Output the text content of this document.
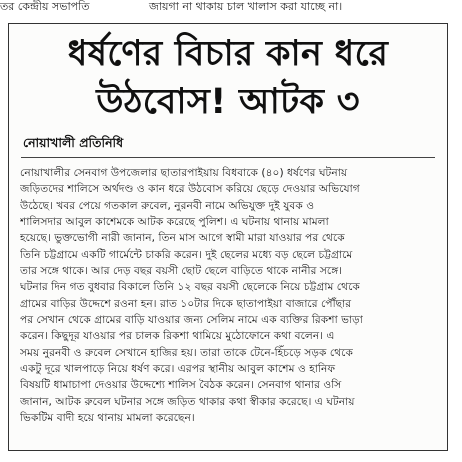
তর কেন্দ্রীয় সভাপতি	জায়গা না থাকায় চাল খালাস করা যাচ্ছে না।
ধর্ষণের বিচার কান ধরে
উঠবোস! আটক ৩
নোয়াখালী প্রতিনিধি
নোয়াখালীর সেনবাগ উপজেলার ছাতারপাইয়ায় বিধবাকে (৪০) ধর্ষণের ঘটনায়
জড়িতদের শালিসে অর্থদণ্ড ও কান ধরে উঠবোস করিয়ে ছেড়ে দেওয়ার অভিযোগ
উঠেছে। খবর পেয়ে গতকাল রুবেল, নুরনবী নামে অভিযুক্ত দুই যুবক ও
শালিসদার আবুল কাশেমকে আটক করেছে পুলিশ। এ ঘটনায় থানায় মামলা
হয়েছে। ভুক্তভোগী নারী জানান, তিন মাস আগে স্বামী মারা যাওয়ার পর থেকে
তিনি চট্টগ্রামে একটি গার্মেন্টে চাকরি করেন। দুই ছেলের মধ্যে বড় ছেলে চট্টগ্রামে
তার সঙ্গে থাকে। আর দেড় বছর বয়সী ছোট ছেলে বাড়িতে থাকে নানীর সঙ্গে।
ঘটনার দিন গত বুধবার বিকালে তিনি ১২ বছর বয়সী ছেলেকে নিয়ে চট্টগ্রাম থেকে
গ্রামের বাড়ির উদ্দেশে রওনা হন। রাত ১০টার দিকে ছাতাপাইয়া বাজারে পৌঁছার
পর সেখান থেকে গ্রামের বাড়ি যাওয়ার জন্য সেলিম নামে এক ব্যক্তির রিকশা ভাড়া
করেন। কিছুদূর যাওয়ার পর চালক রিকশা থামিয়ে মুঠোফোনে কথা বলেন। এ
সময় নুরনবী ও রুবেল সেখানে হাজির হয়। তারা তাকে টেনে-হিঁচড়ে সড়ক থেকে
একটু দূরে খালপাড়ে নিয়ে ধর্ষণ করে। এরপর স্থানীয় আবুল কাশেম ও হানিফ
বিষয়টি ধামাচাপা দেওয়ার উদ্দেশ্যে শালিস বৈঠক করেন। সেনবাগ থানার ওসি
জানান, আটক রুবেল ঘটনার সঙ্গে জড়িত থাকার কথা স্বীকার করেছে। এ ঘটনায়
ভিকটিম বাদী হয়ে থানায় মামলা করেছেন।
